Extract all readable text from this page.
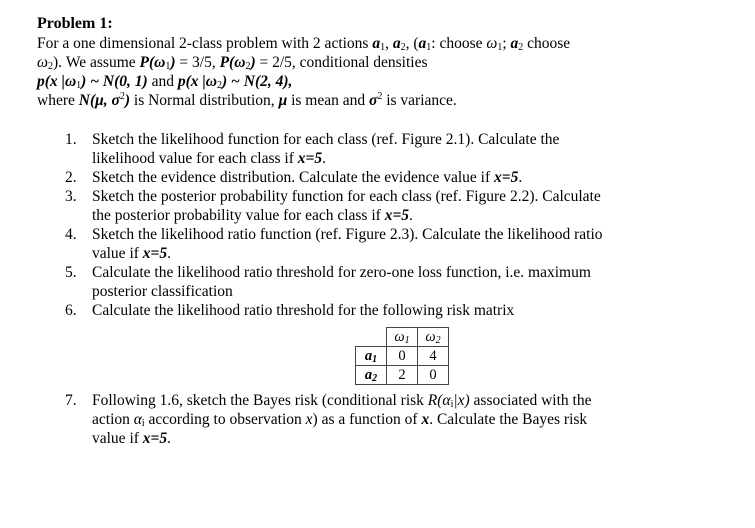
Problem 1:
For a one dimensional 2-class problem with 2 actions $a_1$, $a_2$, ($a_1$: choose $\omega_1$; $a_2$ choose
$\omega_2$). We assume $P(\omega_1) = 3/5$, $P(\omega_2) = 2/5$, conditional densities
p(x $|\omega_1$) ~ N(0, 1) and p(x $|\omega_2$) ~ N(2, 4),
where N(μ, $\sigma^2$) is Normal distribution, μ is mean and $\sigma^2$ is variance.
1. Sketch the likelihood function for each class (ref. Figure 2.1). Calculate the
likelihood value for each class if x=5.
2. Sketch the evidence distribution. Calculate the evidence value if x=5.
3. Sketch the posterior probability function for each class (ref. Figure 2.2). Calculate
the posterior probability value for each class if x=5.
4. Sketch the likelihood ratio function (ref. Figure 2.3). Calculate the likelihood ratio
value if x=5.
5. Calculate the likelihood ratio threshold for zero-one loss function, i.e. maximum
posterior classification
6. Calculate the likelihood ratio threshold for the following risk matrix
	$\omega_1$	$\omega_2$
$a_1$	0	4
$a_2$	2	0
7. Following 1.6, sketch the Bayes risk (conditional risk $R(\alpha_i|x)$ associated with the
action $\alpha_i$ according to observation x) as a function of x. Calculate the Bayes risk
value if x=5.
